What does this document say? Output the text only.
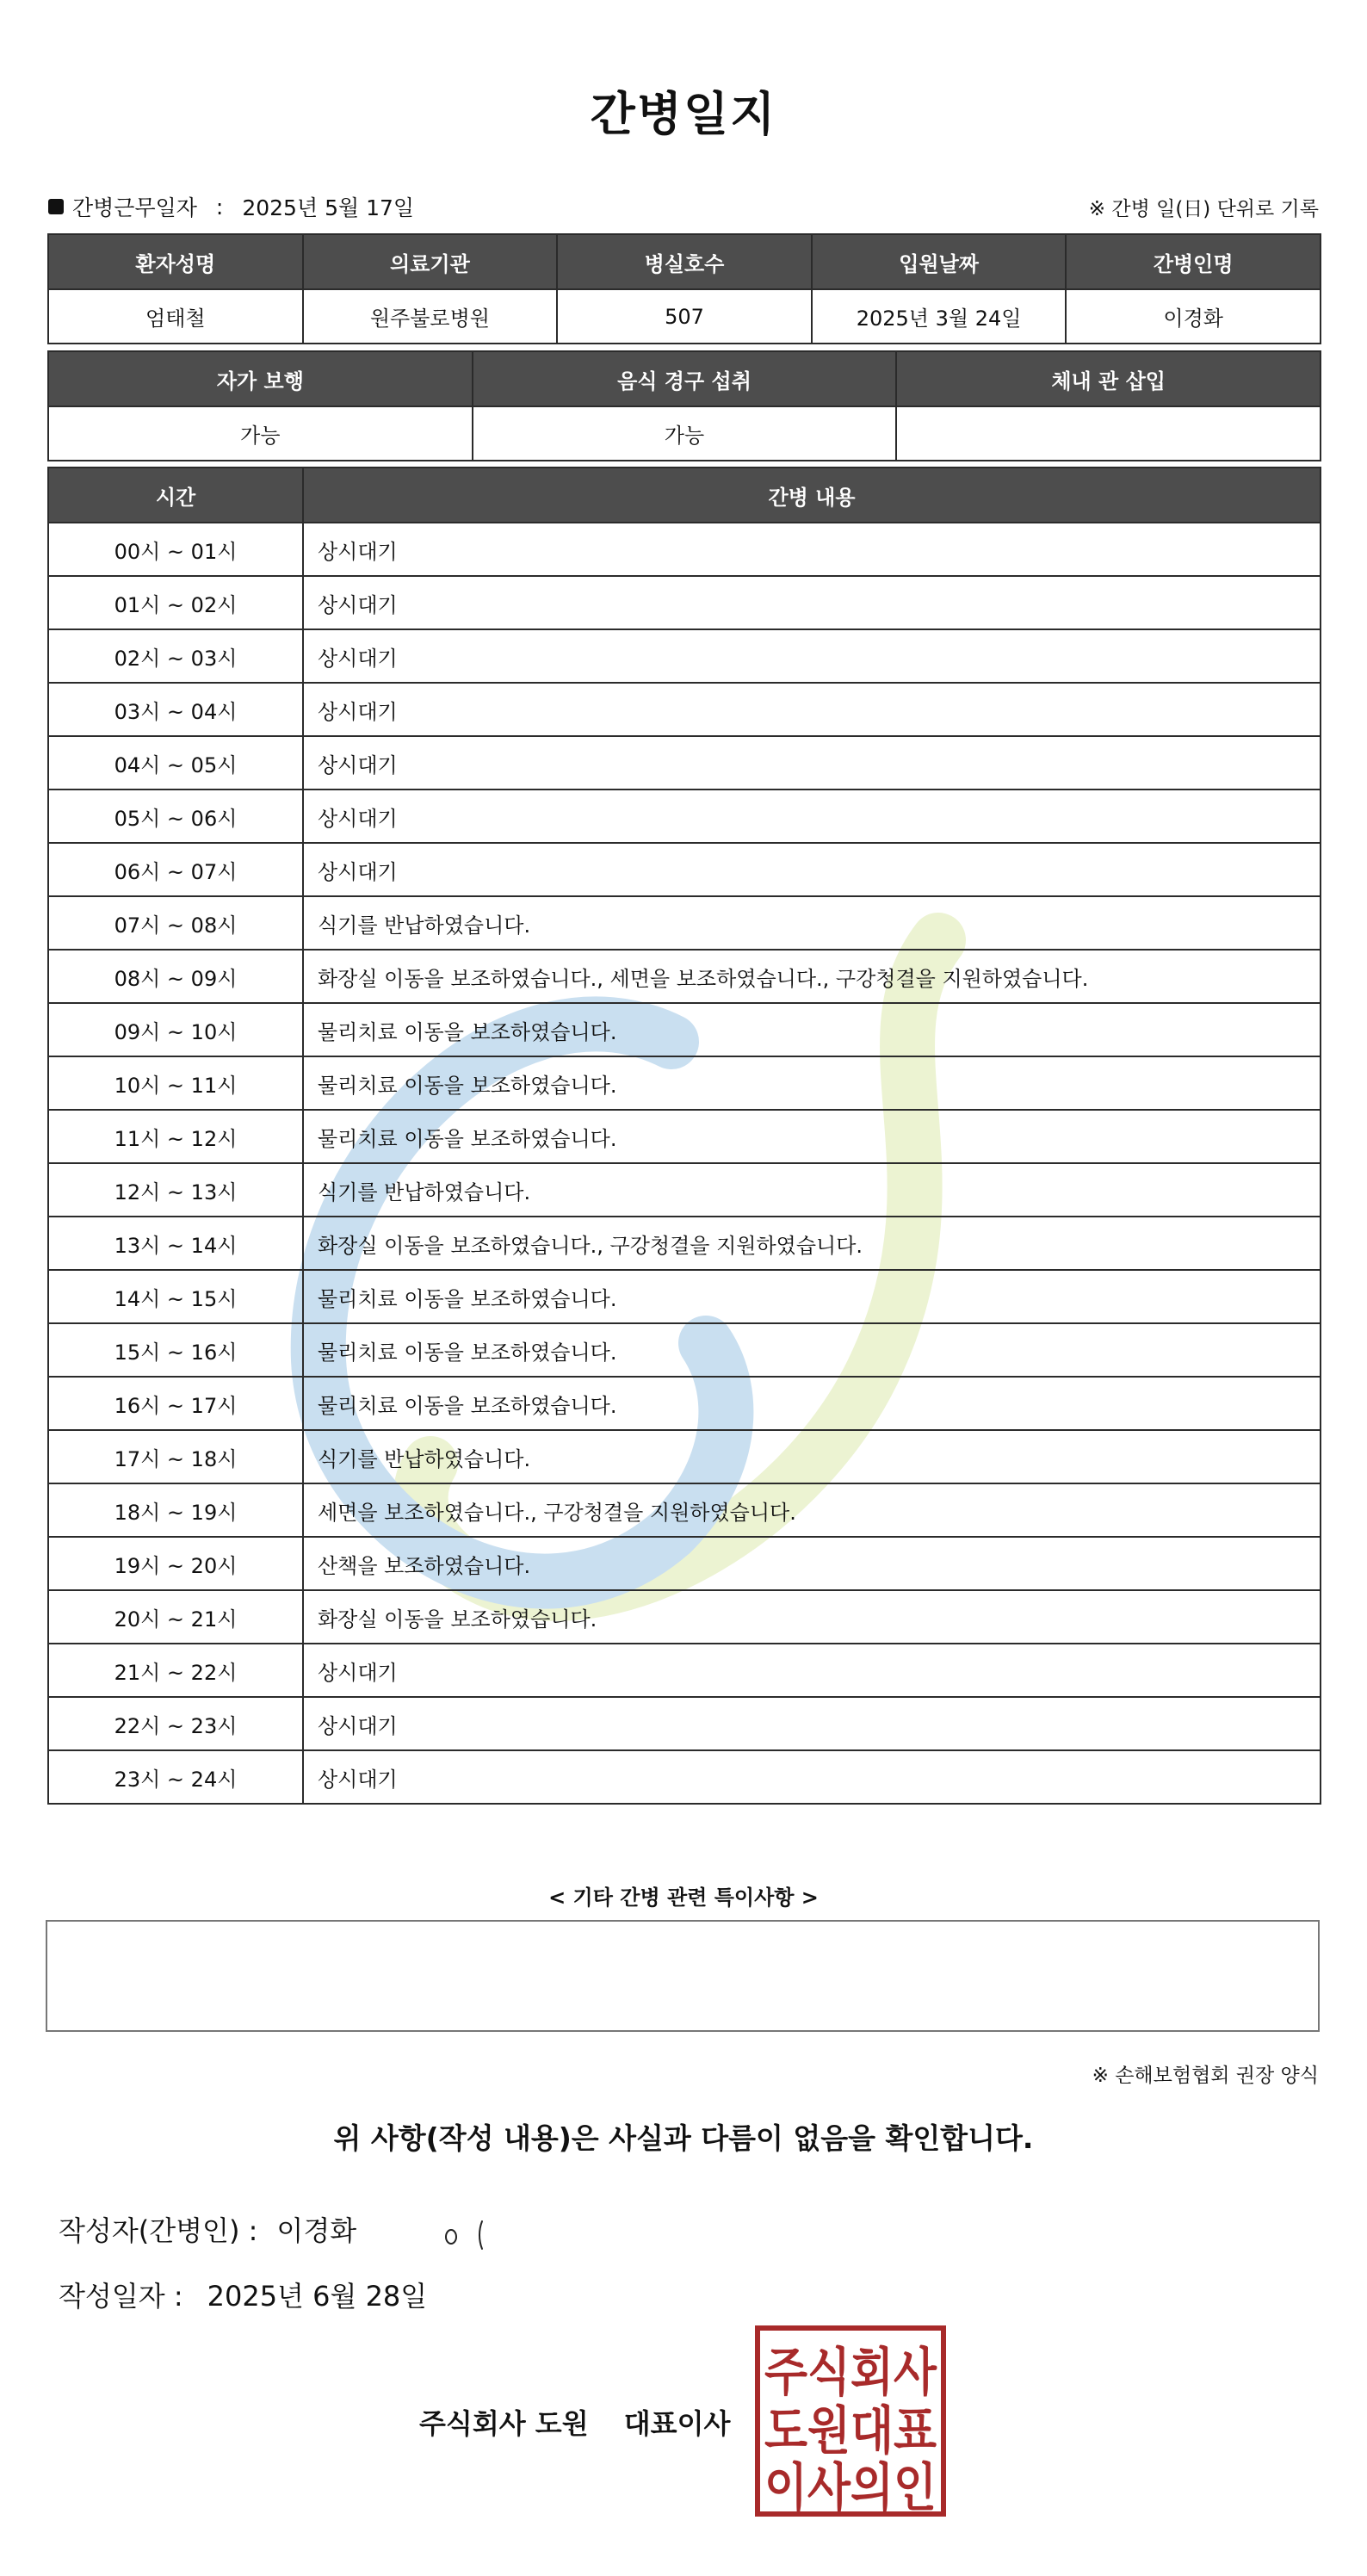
간병일지
간병근무일자 : 2025년 5월 17일	※ 간병 일(日) 단위로 기록
환자성명	의료기관	병실호수	입원날짜	간병인명
엄태철	원주불로병원	507	2025년 3월 24일	이경화
자가 보행	음식 경구 섭취	체내 관 삽입
가능	가능	
시간	간병 내용
00시 ~ 01시	상시대기
01시 ~ 02시	상시대기
02시 ~ 03시	상시대기
03시 ~ 04시	상시대기
04시 ~ 05시	상시대기
05시 ~ 06시	상시대기
06시 ~ 07시	상시대기
07시 ~ 08시	식기를 반납하였습니다.
08시 ~ 09시	화장실 이동을 보조하였습니다., 세면을 보조하였습니다., 구강청결을 지원하였습니다.
09시 ~ 10시	물리치료 이동을 보조하였습니다.
10시 ~ 11시	물리치료 이동을 보조하였습니다.
11시 ~ 12시	물리치료 이동을 보조하였습니다.
12시 ~ 13시	식기를 반납하였습니다.
13시 ~ 14시	화장실 이동을 보조하였습니다., 구강청결을 지원하였습니다.
14시 ~ 15시	물리치료 이동을 보조하였습니다.
15시 ~ 16시	물리치료 이동을 보조하였습니다.
16시 ~ 17시	물리치료 이동을 보조하였습니다.
17시 ~ 18시	식기를 반납하였습니다.
18시 ~ 19시	세면을 보조하였습니다., 구강청결을 지원하였습니다.
19시 ~ 20시	산책을 보조하였습니다.
20시 ~ 21시	화장실 이동을 보조하였습니다.
21시 ~ 22시	상시대기
22시 ~ 23시	상시대기
23시 ~ 24시	상시대기
< 기타 간병 관련 특이사항 >
※ 손해보험협회 권장 양식
위 사항(작성 내용)은 사실과 다름이 없음을 확인합니다.
작성자(간병인) : 이경화
작성일자 : 2025년 6월 28일
주식회사 도원 대표이사
주식회사
도원대표
이사의인
